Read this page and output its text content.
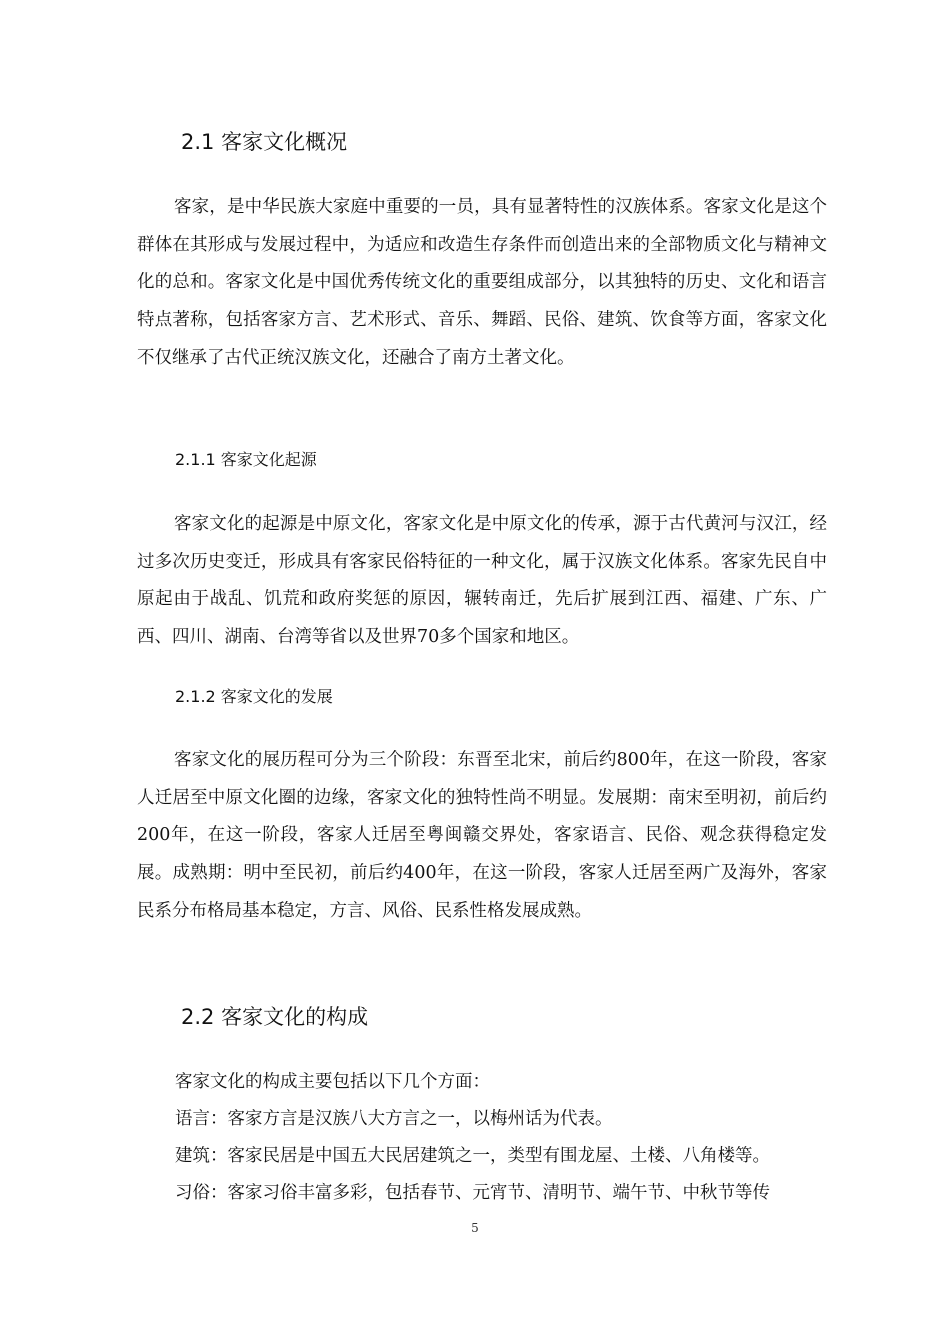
2.1 客家文化概况

客家，是中华民族大家庭中重要的一员，具有显著特性的汉族体系。客家文化是这个群体在其形成与发展过程中，为适应和改造生存条件而创造出来的全部物质文化与精神文化的总和。客家文化是中国优秀传统文化的重要组成部分，以其独特的历史、文化和语言特点著称，包括客家方言、艺术形式、音乐、舞蹈、民俗、建筑、饮食等方面，客家文化不仅继承了古代正统汉族文化，还融合了南方土著文化。

2.1.1 客家文化起源

客家文化的起源是中原文化，客家文化是中原文化的传承，源于古代黄河与汉江，经过多次历史变迁，形成具有客家民俗特征的一种文化，属于汉族文化体系。客家先民自中原起由于战乱、饥荒和政府奖惩的原因，辗转南迁，先后扩展到江西、福建、广东、广西、四川、湖南、台湾等省以及世界70多个国家和地区。

2.1.2 客家文化的发展

客家文化的展历程可分为三个阶段：东晋至北宋，前后约800年，在这一阶段，客家人迁居至中原文化圈的边缘，客家文化的独特性尚不明显。发展期：南宋至明初，前后约200年，在这一阶段，客家人迁居至粤闽赣交界处，客家语言、民俗、观念获得稳定发展。成熟期：明中至民初，前后约400年，在这一阶段，客家人迁居至两广及海外，客家民系分布格局基本稳定，方言、风俗、民系性格发展成熟。

2.2 客家文化的构成

客家文化的构成主要包括以下几个方面：

语言：客家方言是汉族八大方言之一，以梅州话为代表。

建筑：客家民居是中国五大民居建筑之一，类型有围龙屋、土楼、八角楼等。

习俗：客家习俗丰富多彩，包括春节、元宵节、清明节、端午节、中秋节等传

5
